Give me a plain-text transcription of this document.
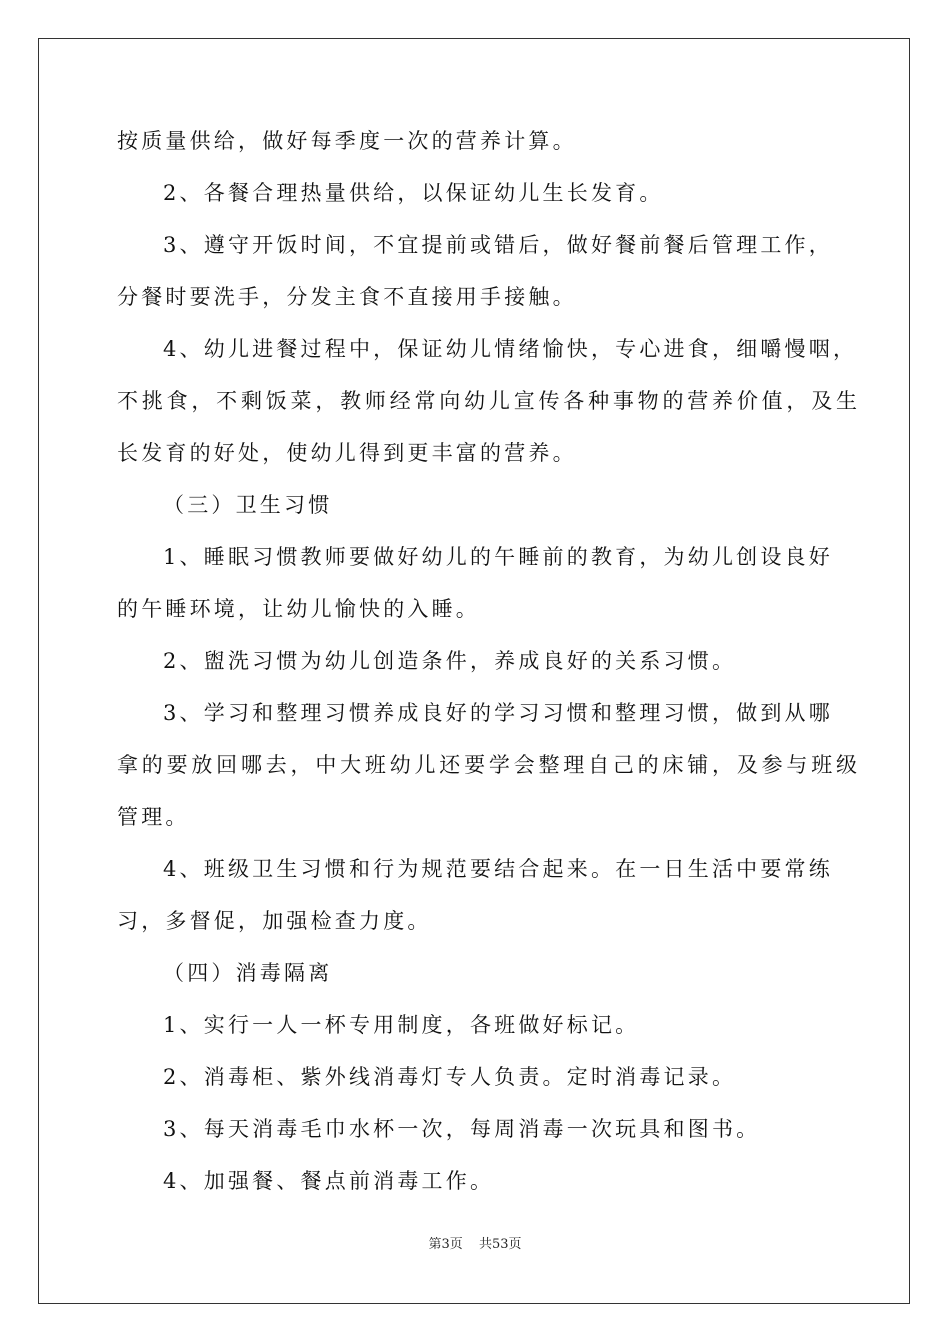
按质量供给，做好每季度一次的营养计算。
2、各餐合理热量供给，以保证幼儿生长发育。
3、遵守开饭时间，不宜提前或错后，做好餐前餐后管理工作，
分餐时要洗手，分发主食不直接用手接触。
4、幼儿进餐过程中，保证幼儿情绪愉快，专心进食，细嚼慢咽，
不挑食，不剩饭菜，教师经常向幼儿宣传各种事物的营养价值，及生
长发育的好处，使幼儿得到更丰富的营养。
（三）卫生习惯
1、睡眠习惯教师要做好幼儿的午睡前的教育，为幼儿创设良好
的午睡环境，让幼儿愉快的入睡。
2、盥洗习惯为幼儿创造条件，养成良好的关系习惯。
3、学习和整理习惯养成良好的学习习惯和整理习惯，做到从哪
拿的要放回哪去，中大班幼儿还要学会整理自己的床铺，及参与班级
管理。
4、班级卫生习惯和行为规范要结合起来。在一日生活中要常练
习，多督促，加强检查力度。
（四）消毒隔离
1、实行一人一杯专用制度，各班做好标记。
2、消毒柜、紫外线消毒灯专人负责。定时消毒记录。
3、每天消毒毛巾水杯一次，每周消毒一次玩具和图书。
4、加强餐、餐点前消毒工作。
第3页 共53页
